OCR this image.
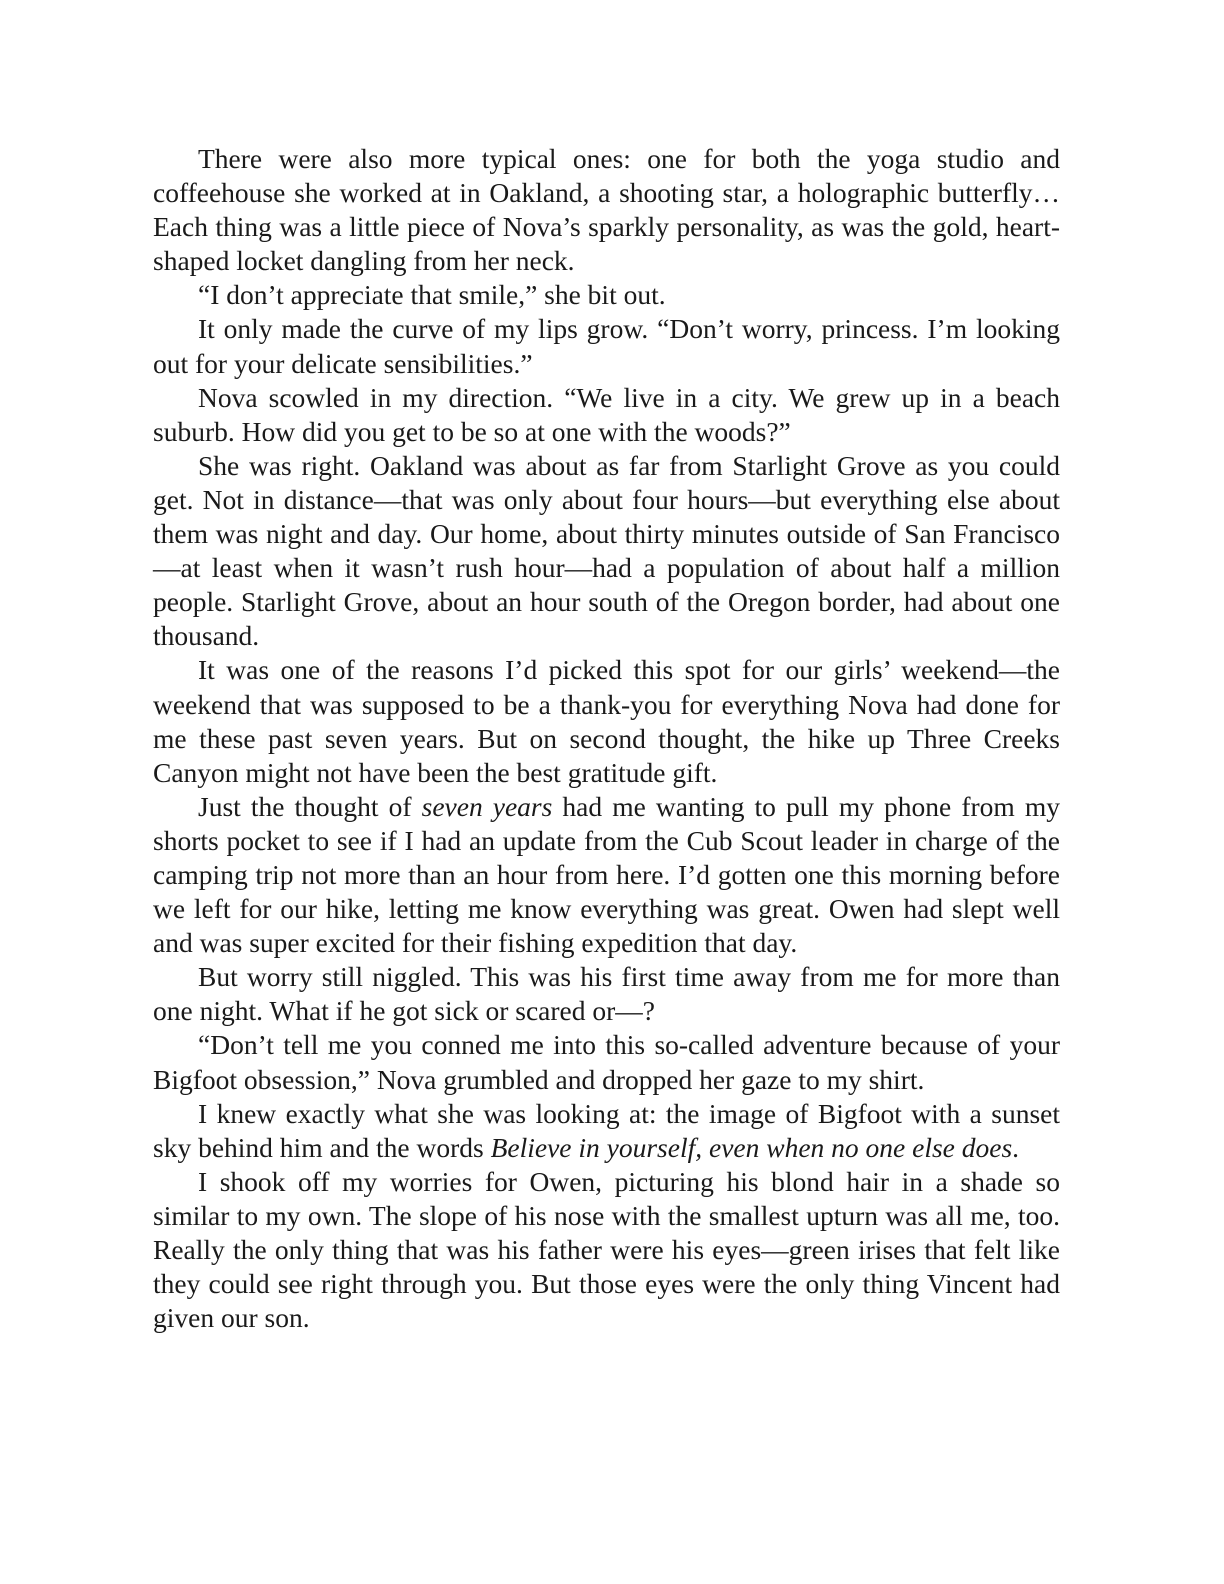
There were also more typical ones: one for both the yoga studio and coffeehouse she worked at in Oakland, a shooting star, a holographic butterfly… Each thing was a little piece of Nova’s sparkly personality, as was the gold, heart-shaped locket dangling from her neck.

“I don’t appreciate that smile,” she bit out.

It only made the curve of my lips grow. “Don’t worry, princess. I’m looking out for your delicate sensibilities.”

Nova scowled in my direction. “We live in a city. We grew up in a beach suburb. How did you get to be so at one with the woods?”

She was right. Oakland was about as far from Starlight Grove as you could get. Not in distance—that was only about four hours—but everything else about them was night and day. Our home, about thirty minutes outside of San Francisco—at least when it wasn’t rush hour—had a population of about half a million people. Starlight Grove, about an hour south of the Oregon border, had about one thousand.

It was one of the reasons I’d picked this spot for our girls’ weekend—the weekend that was supposed to be a thank-you for everything Nova had done for me these past seven years. But on second thought, the hike up Three Creeks Canyon might not have been the best gratitude gift.

Just the thought of seven years had me wanting to pull my phone from my shorts pocket to see if I had an update from the Cub Scout leader in charge of the camping trip not more than an hour from here. I’d gotten one this morning before we left for our hike, letting me know everything was great. Owen had slept well and was super excited for their fishing expedition that day.

But worry still niggled. This was his first time away from me for more than one night. What if he got sick or scared or—?

“Don’t tell me you conned me into this so-called adventure because of your Bigfoot obsession,” Nova grumbled and dropped her gaze to my shirt.

I knew exactly what she was looking at: the image of Bigfoot with a sunset sky behind him and the words Believe in yourself, even when no one else does.

I shook off my worries for Owen, picturing his blond hair in a shade so similar to my own. The slope of his nose with the smallest upturn was all me, too. Really the only thing that was his father were his eyes—green irises that felt like they could see right through you. But those eyes were the only thing Vincent had given our son.
